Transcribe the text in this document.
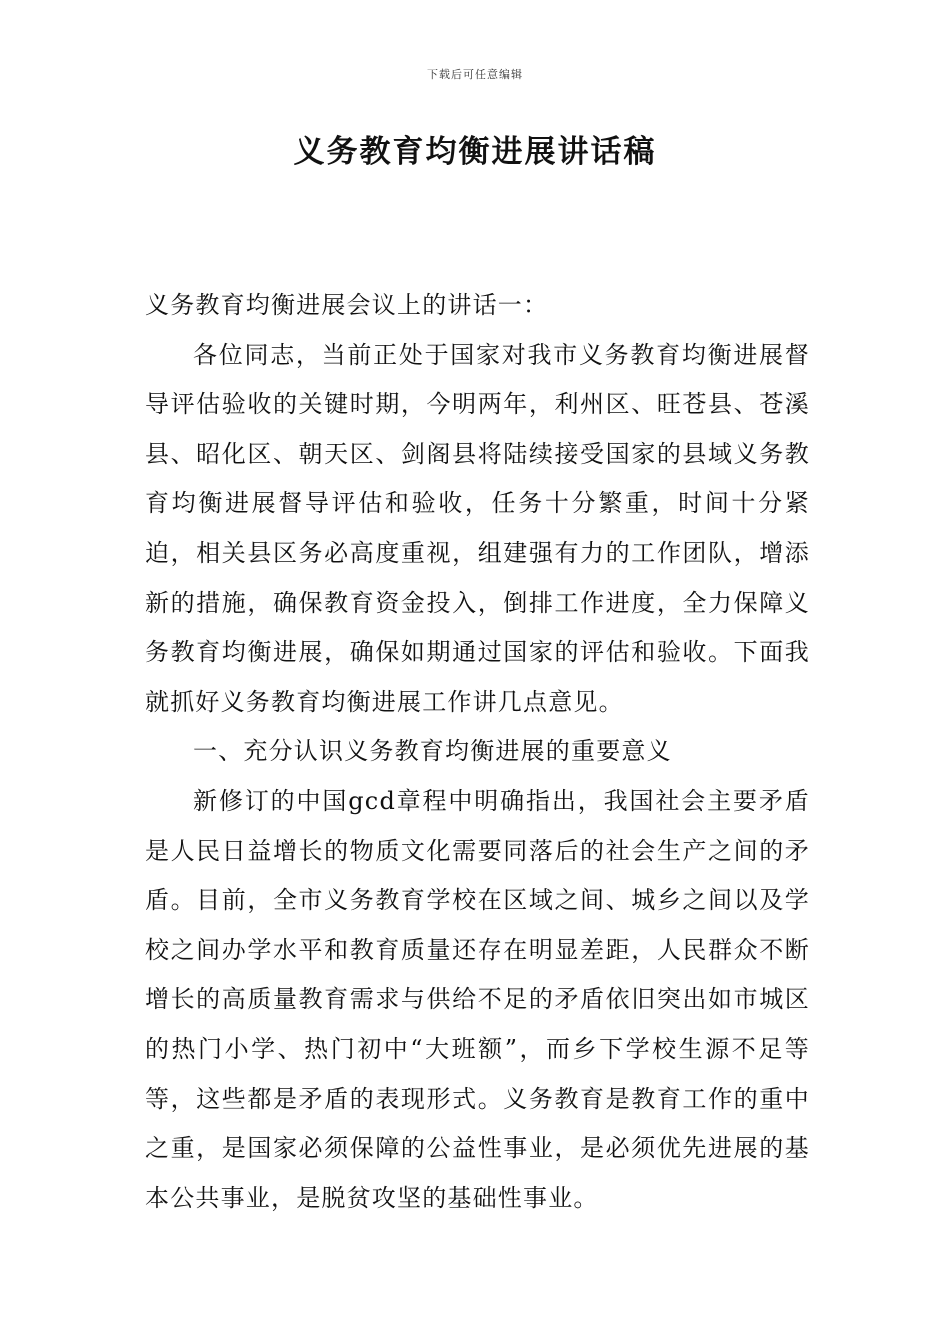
下载后可任意编辑
义务教育均衡进展讲话稿

义务教育均衡进展会议上的讲话一：

各位同志，当前正处于国家对我市义务教育均衡进展督导评估验收的关键时期，今明两年，利州区、旺苍县、苍溪县、昭化区、朝天区、剑阁县将陆续接受国家的县域义务教育均衡进展督导评估和验收，任务十分繁重，时间十分紧迫，相关县区务必高度重视，组建强有力的工作团队，增添新的措施，确保教育资金投入，倒排工作进度，全力保障义务教育均衡进展，确保如期通过国家的评估和验收。下面我就抓好义务教育均衡进展工作讲几点意见。

一、充分认识义务教育均衡进展的重要意义

新修订的中国gcd章程中明确指出，我国社会主要矛盾是人民日益增长的物质文化需要同落后的社会生产之间的矛盾。目前，全市义务教育学校在区域之间、城乡之间以及学校之间办学水平和教育质量还存在明显差距，人民群众不断增长的高质量教育需求与供给不足的矛盾依旧突出如市城区的热门小学、热门初中“大班额”，而乡下学校生源不足等等，这些都是矛盾的表现形式。义务教育是教育工作的重中之重，是国家必须保障的公益性事业，是必须优先进展的基本公共事业，是脱贫攻坚的基础性事业。
